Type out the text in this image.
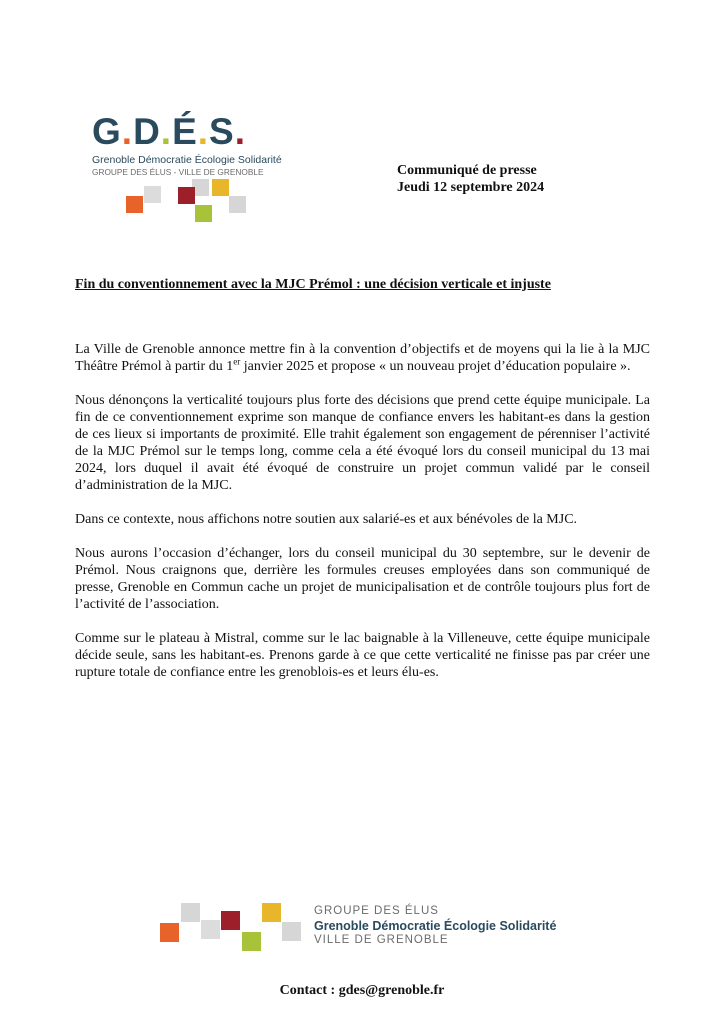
G.D.É.S.
Grenoble Démocratie Écologie Solidarité
GROUPE DES ÉLUS - VILLE DE GRENOBLE	Communiqué de presse
Jeudi 12 septembre 2024
Fin du conventionnement avec la MJC Prémol : une décision verticale et injuste

La Ville de Grenoble annonce mettre fin à la convention d’objectifs et de moyens qui la lie à la MJC Théâtre Prémol à partir du 1er janvier 2025 et propose « un nouveau projet d’éducation populaire ».

Nous dénonçons la verticalité toujours plus forte des décisions que prend cette équipe municipale. La fin de ce conventionnement exprime son manque de confiance envers les habitant-es dans la gestion de ces lieux si importants de proximité. Elle trahit également son engagement de pérenniser l’activité de la MJC Prémol sur le temps long, comme cela a été évoqué lors du conseil municipal du 13 mai 2024, lors duquel il avait été évoqué de construire un projet commun validé par le conseil d’administration de la MJC.

Dans ce contexte, nous affichons notre soutien aux salarié-es et aux bénévoles de la MJC.

Nous aurons l’occasion d’échanger, lors du conseil municipal du 30 septembre, sur le devenir de Prémol. Nous craignons que, derrière les formules creuses employées dans son communiqué de presse, Grenoble en Commun cache un projet de municipalisation et de contrôle toujours plus fort de l’activité de l’association.

Comme sur le plateau à Mistral, comme sur le lac baignable à la Villeneuve, cette équipe municipale décide seule, sans les habitant-es. Prenons garde à ce que cette verticalité ne finisse pas par créer une rupture totale de confiance entre les grenoblois-es et leurs élu-es.

GROUPE DES ÉLUS
Grenoble Démocratie Écologie Solidarité
VILLE DE GRENOBLE
Contact : gdes@grenoble.fr
